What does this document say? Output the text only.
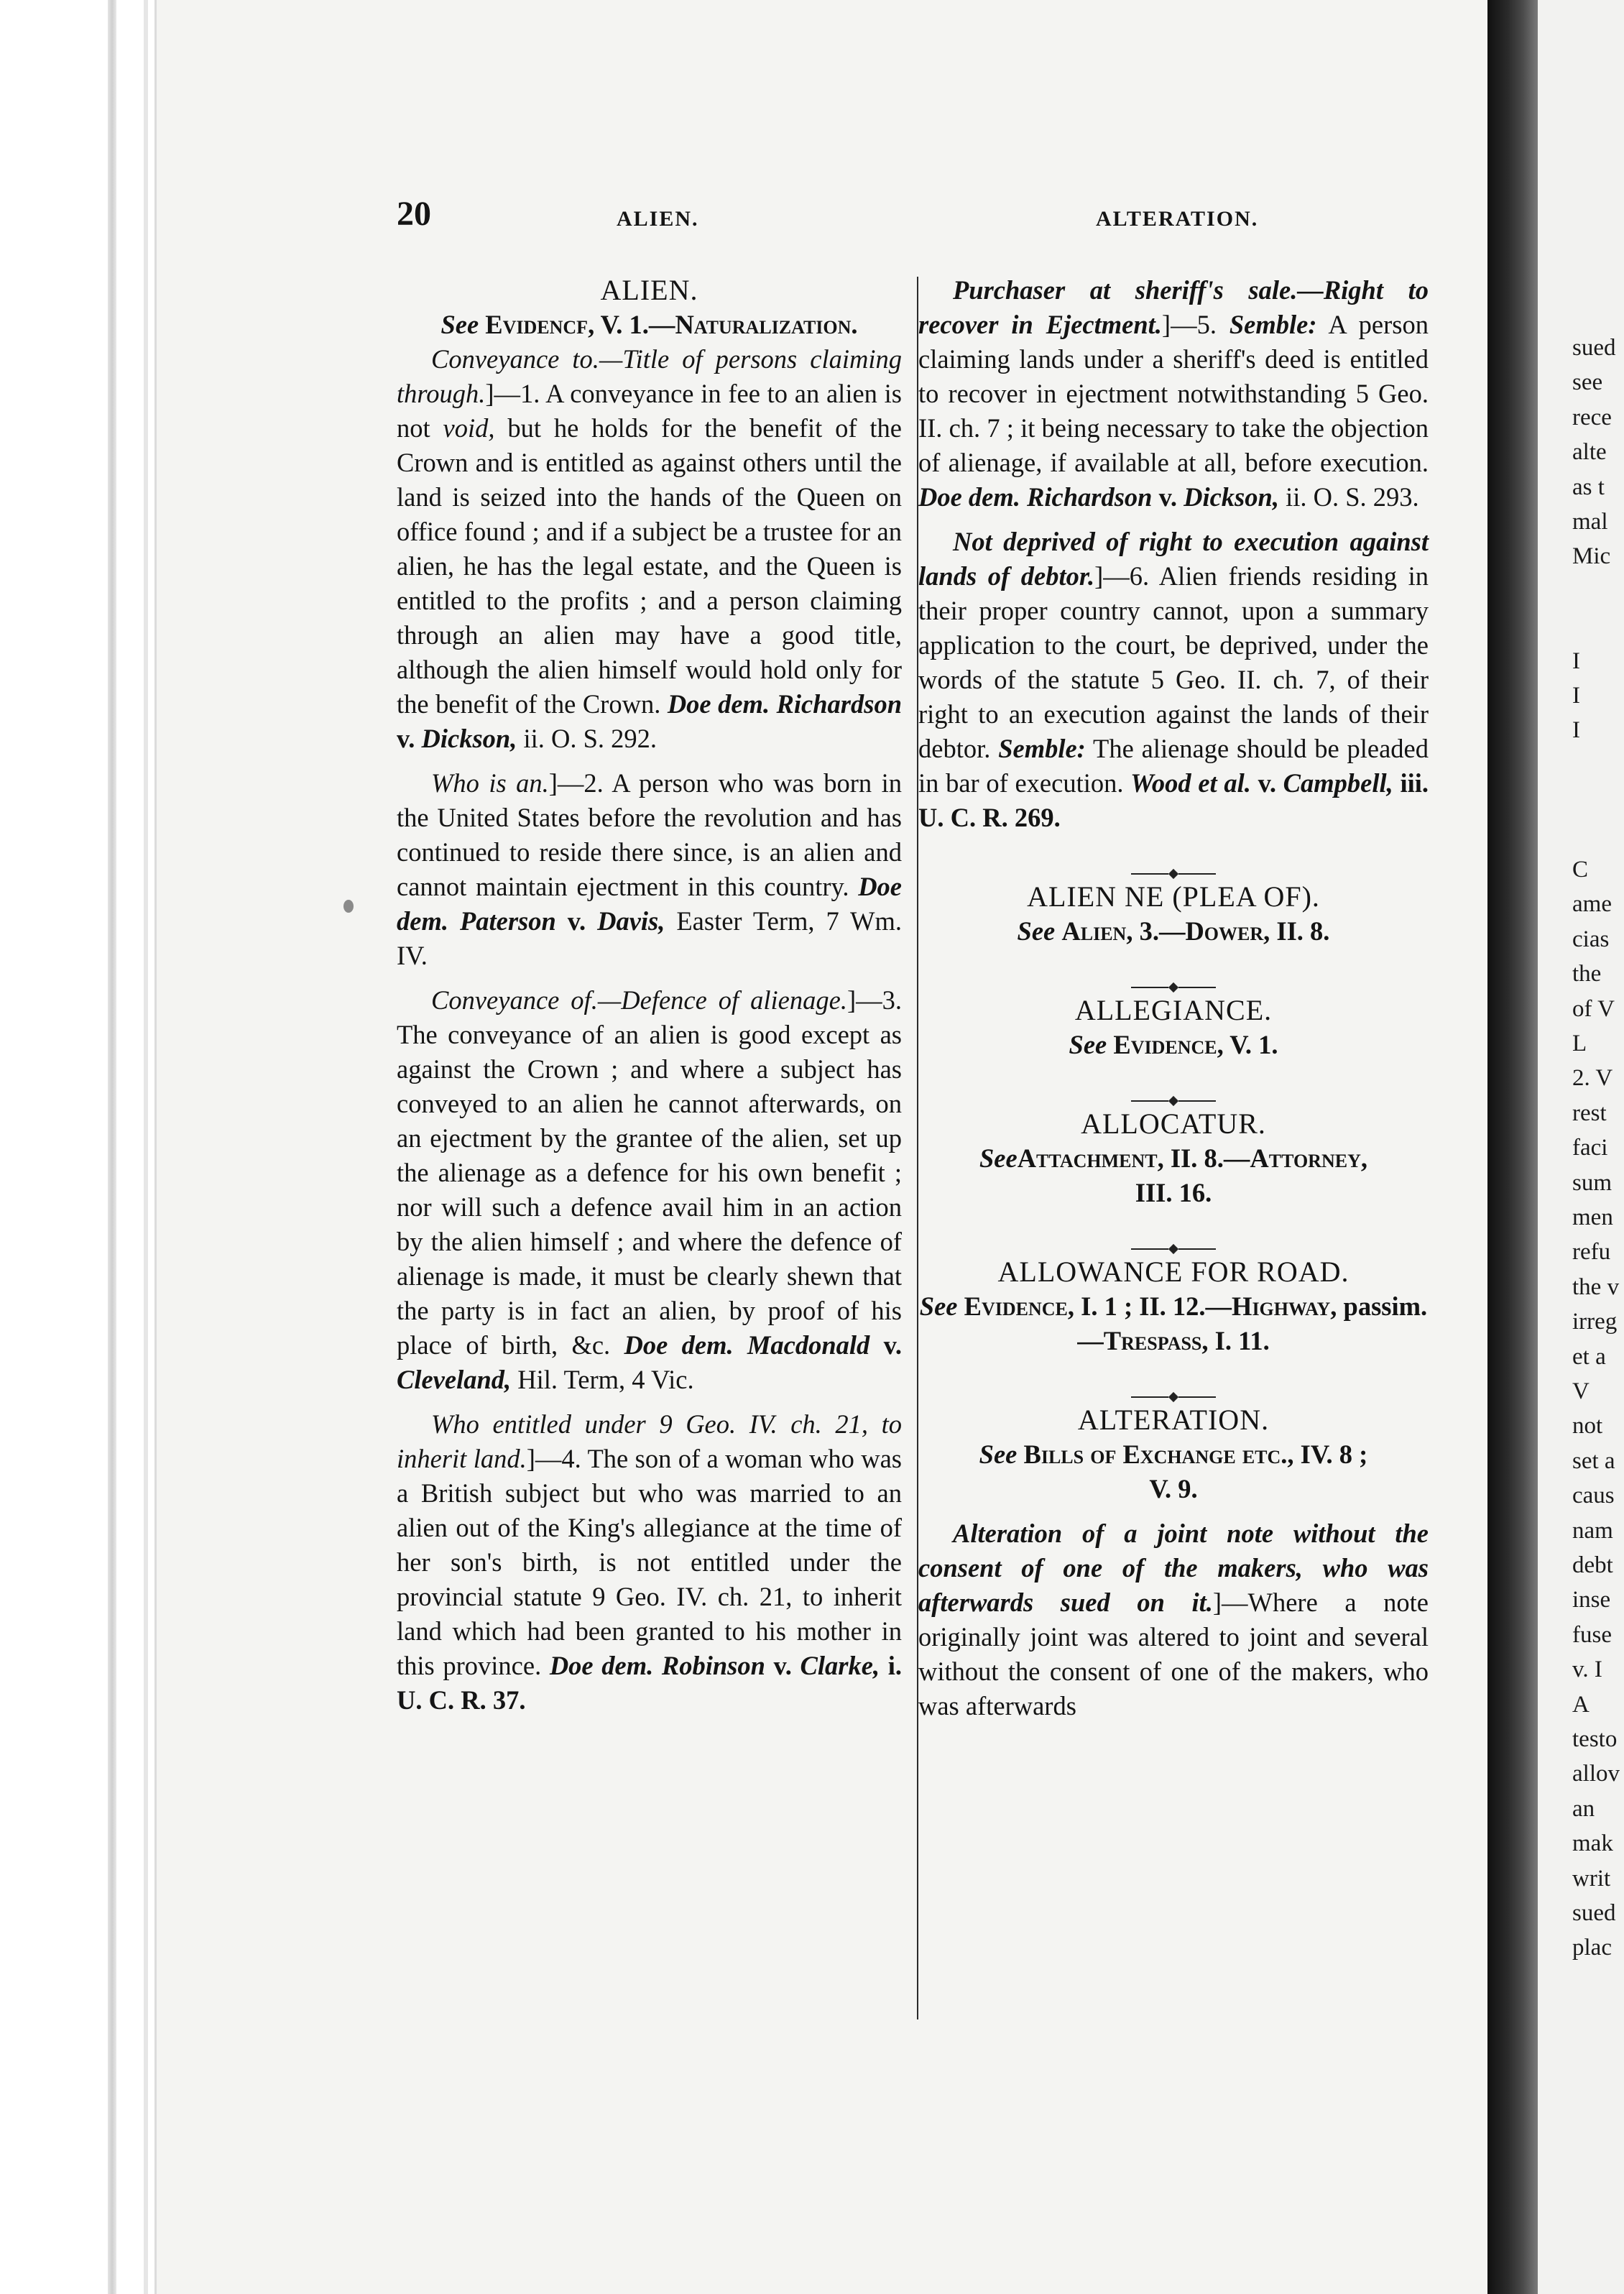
20	ALIEN.	ALTERATION.

ALIEN.

See Evidencf, V. 1.—Naturalization.

Conveyance to.—Title of persons claiming through.]—1. A conveyance in fee to an alien is not void, but he holds for the benefit of the Crown and is entitled as against others until the land is seized into the hands of the Queen on office found ; and if a subject be a trustee for an alien, he has the legal estate, and the Queen is entitled to the profits ; and a person claiming through an alien may have a good title, although the alien himself would hold only for the benefit of the Crown. Doe dem. Richardson v. Dickson, ii. O. S. 292.

Who is an.]—2. A person who was born in the United States before the revolution and has continued to reside there since, is an alien and cannot maintain ejectment in this country. Doe dem. Paterson v. Davis, Easter Term, 7 Wm. IV.

Conveyance of.—Defence of alienage.]—3. The conveyance of an alien is good except as against the Crown ; and where a subject has conveyed to an alien he cannot afterwards, on an ejectment by the grantee of the alien, set up the alienage as a defence for his own benefit ; nor will such a defence avail him in an action by the alien himself ; and where the defence of alienage is made, it must be clearly shewn that the party is in fact an alien, by proof of his place of birth, &c. Doe dem. Macdonald v. Cleveland, Hil. Term, 4 Vic.

Who entitled under 9 Geo. IV. ch. 21, to inherit land.]—4. The son of a woman who was a British subject but who was married to an alien out of the King's allegiance at the time of her son's birth, is not entitled under the provincial statute 9 Geo. IV. ch. 21, to inherit land which had been granted to his mother in this province. Doe dem. Robinson v. Clarke, i. U. C. R. 37.

Purchaser at sheriff's sale.—Right to recover in Ejectment.]—5. Semble: A person claiming lands under a sheriff's deed is entitled to recover in ejectment notwithstanding 5 Geo. II. ch. 7 ; it being necessary to take the objection of alienage, if available at all, before execution. Doe dem. Richardson v. Dickson, ii. O. S. 293.

Not deprived of right to execution against lands of debtor.]—6. Alien friends residing in their proper country cannot, upon a summary application to the court, be deprived, under the words of the statute 5 Geo. II. ch. 7, of their right to an execution against the lands of their debtor. Semble: The alienage should be pleaded in bar of execution. Wood et al. v. Campbell, iii. U. C. R. 269.

ALIEN NE (PLEA OF).

See Alien, 3.—Dower, II. 8.

ALLEGIANCE.

See Evidence, V. 1.

ALLOCATUR.

SeeAttachment, II. 8.—Attorney,
III. 16.

ALLOWANCE FOR ROAD.

See Evidence, I. 1 ; II. 12.—Highway, passim.—Trespass, I. 11.

ALTERATION.

See Bills of Exchange etc., IV. 8 ;
V. 9.

Alteration of a joint note without the consent of one of the makers, who was afterwards sued on it.]—Where a note originally joint was altered to joint and several without the consent of one of the makers, who was afterwards

sued
see
rece
alte
as t
mal
Mic
I
I
I
C
ame
cias
the
of V
L
2. V
rest
faci
sum
men
refu
the v
irreg
et a
V
not
set a
caus
nam
debt
inse
fuse
v. I
A
testo
allov
an
mak
writ
sued
plac
